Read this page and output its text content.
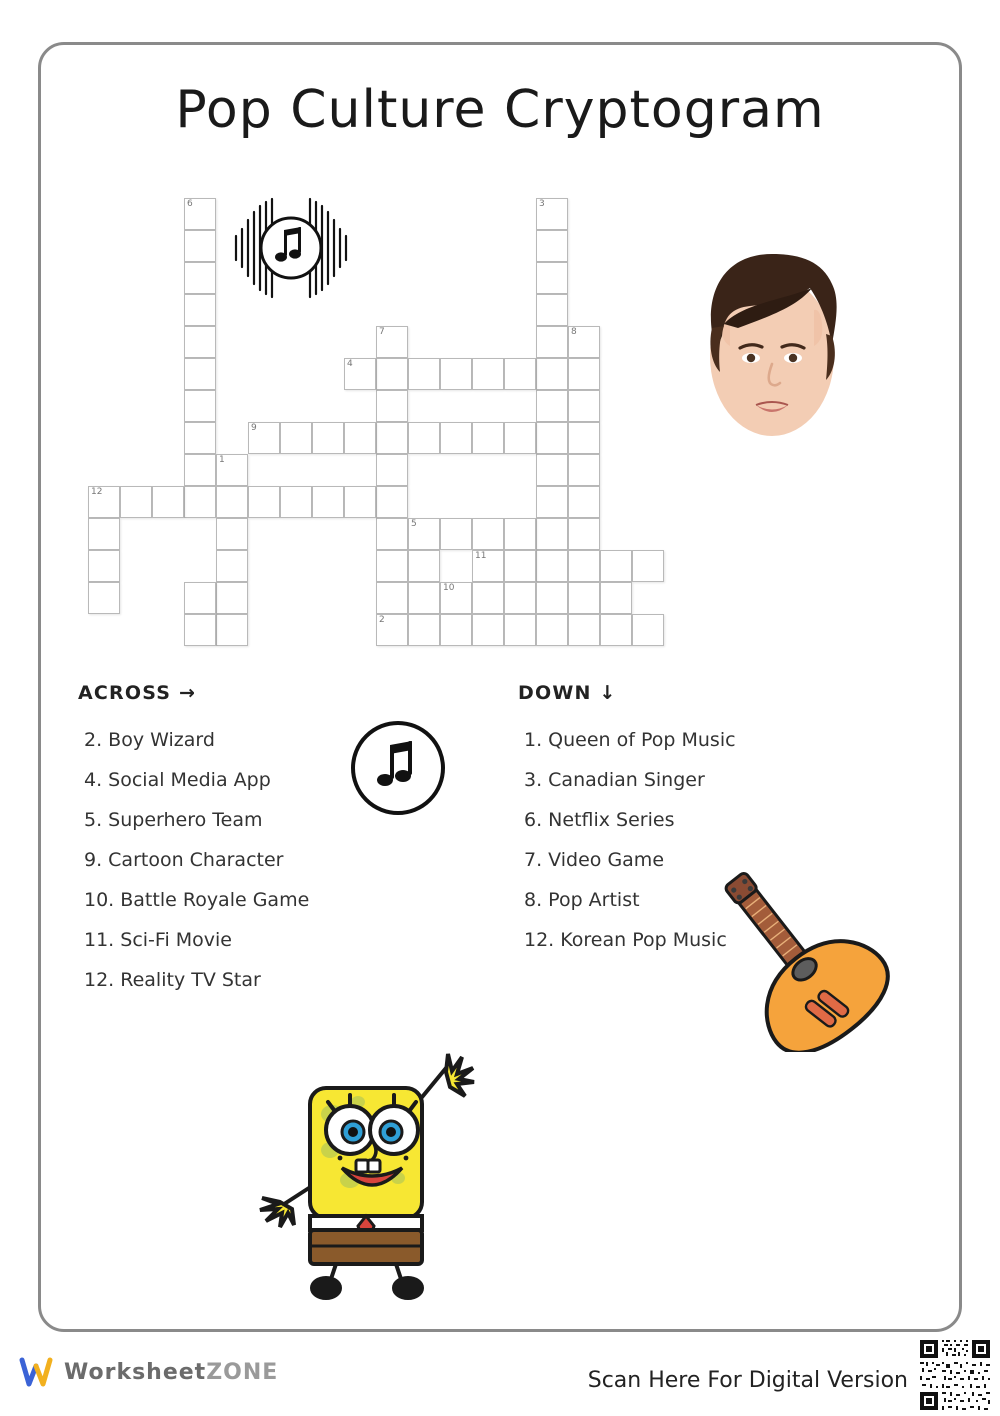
Pop Culture Cryptogram
6	3
7	8
4
9
1
12
5
11
10
2
ACROSS →	DOWN ↓
2. Boy Wizard
4. Social Media App
5. Superhero Team
9. Cartoon Character
10. Battle Royale Game
11. Sci-Fi Movie
12. Reality TV Star
1. Queen of Pop Music
3. Canadian Singer
6. Netflix Series
7. Video Game
8. Pop Artist
12. Korean Pop Music
WorksheetZONE	Scan Here For Digital Version
